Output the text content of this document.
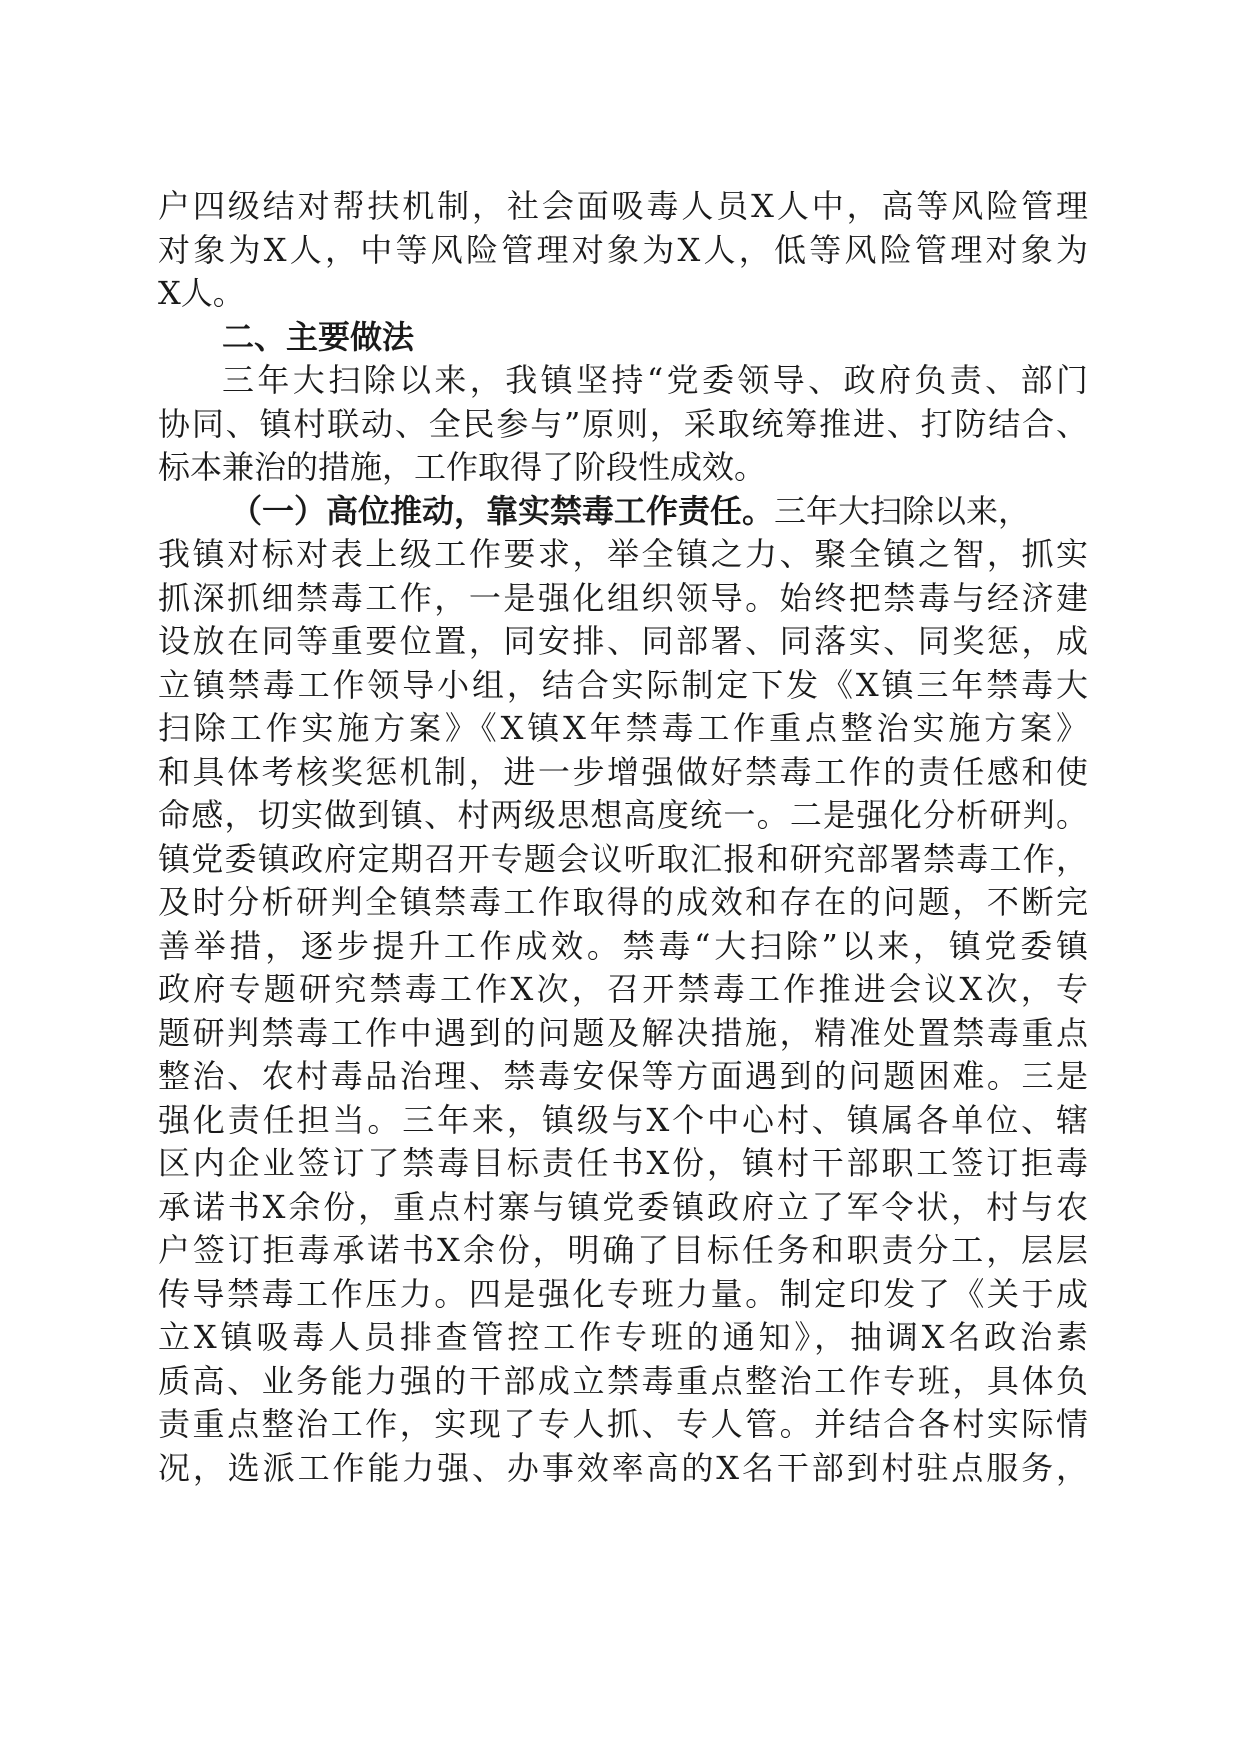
户四级结对帮扶机制，社会面吸毒人员X人中，高等风险管理
对象为X人，中等风险管理对象为X人，低等风险管理对象为
X人。
二、主要做法
三年大扫除以来，我镇坚持“党委领导、政府负责、部门
协同、镇村联动、全民参与”原则，采取统筹推进、打防结合、
标本兼治的措施，工作取得了阶段性成效。
（一）高位推动，靠实禁毒工作责任。三年大扫除以来，
我镇对标对表上级工作要求，举全镇之力、聚全镇之智，抓实
抓深抓细禁毒工作，一是强化组织领导。始终把禁毒与经济建
设放在同等重要位置，同安排、同部署、同落实、同奖惩，成
立镇禁毒工作领导小组，结合实际制定下发《X镇三年禁毒大
扫除工作实施方案》《X镇X年禁毒工作重点整治实施方案》
和具体考核奖惩机制，进一步增强做好禁毒工作的责任感和使
命感，切实做到镇、村两级思想高度统一。二是强化分析研判。
镇党委镇政府定期召开专题会议听取汇报和研究部署禁毒工作，
及时分析研判全镇禁毒工作取得的成效和存在的问题，不断完
善举措，逐步提升工作成效。禁毒“大扫除”以来，镇党委镇
政府专题研究禁毒工作X次，召开禁毒工作推进会议X次，专
题研判禁毒工作中遇到的问题及解决措施，精准处置禁毒重点
整治、农村毒品治理、禁毒安保等方面遇到的问题困难。三是
强化责任担当。三年来，镇级与X个中心村、镇属各单位、辖
区内企业签订了禁毒目标责任书X份，镇村干部职工签订拒毒
承诺书X余份，重点村寨与镇党委镇政府立了军令状，村与农
户签订拒毒承诺书X余份，明确了目标任务和职责分工，层层
传导禁毒工作压力。四是强化专班力量。制定印发了《关于成
立X镇吸毒人员排查管控工作专班的通知》，抽调X名政治素
质高、业务能力强的干部成立禁毒重点整治工作专班，具体负
责重点整治工作，实现了专人抓、专人管。并结合各村实际情
况，选派工作能力强、办事效率高的X名干部到村驻点服务，
